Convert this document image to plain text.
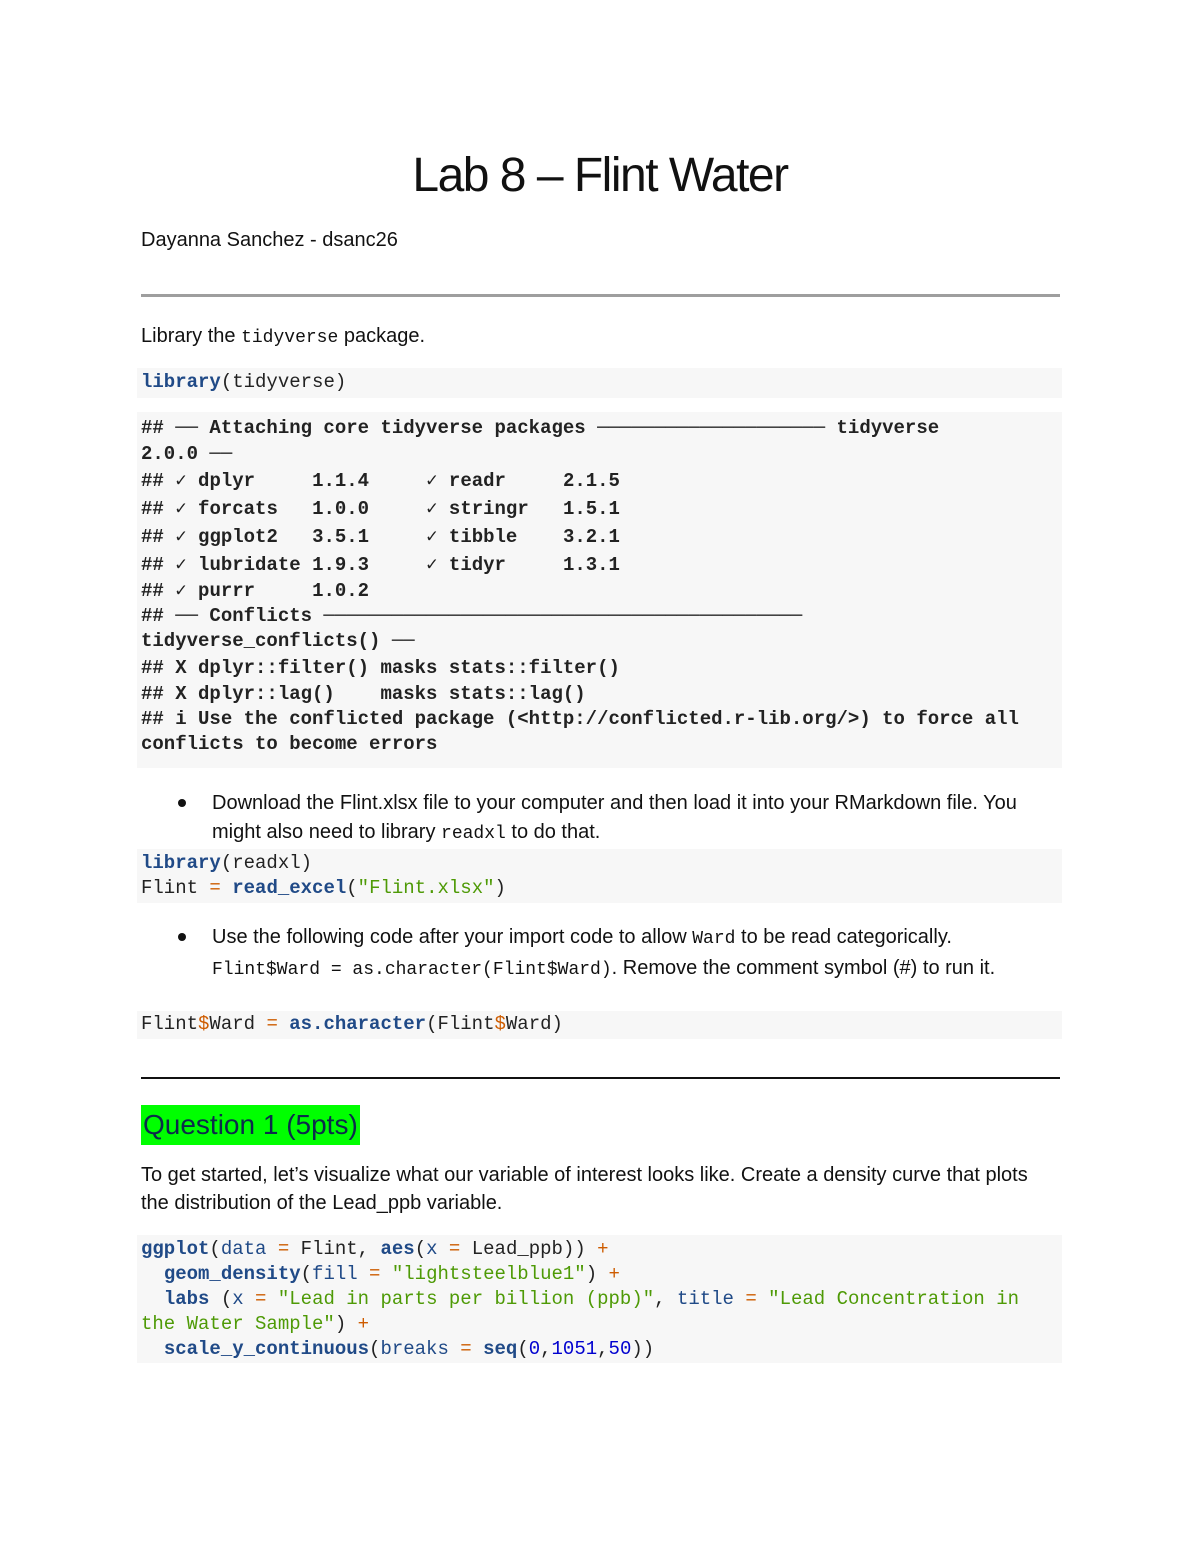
Lab 8 – Flint Water
Dayanna Sanchez - dsanc26
Library the tidyverse package.
library(tidyverse)
## ── Attaching core tidyverse packages ──────────────────── tidyverse
2.0.0 ──
## ✓ dplyr     1.1.4     ✓ readr     2.1.5
## ✓ forcats   1.0.0     ✓ stringr   1.5.1
## ✓ ggplot2   3.5.1     ✓ tibble    3.2.1
## ✓ lubridate 1.9.3     ✓ tidyr     1.3.1
## ✓ purrr     1.0.2
## ── Conflicts ──────────────────────────────────────────
tidyverse_conflicts() ──
## X dplyr::filter() masks stats::filter()
## X dplyr::lag()    masks stats::lag()
## i Use the conflicted package (<http://conflicted.r-lib.org/>) to force all
conflicts to become errors
Download the Flint.xlsx file to your computer and then load it into your RMarkdown file. You might also need to library readxl to do that.
library(readxl)
Flint = read_excel("Flint.xlsx")
Use the following code after your import code to allow Ward to be read categorically. Flint$Ward = as.character(Flint$Ward). Remove the comment symbol (#) to run it.
Flint$Ward = as.character(Flint$Ward)
Question 1 (5pts)
To get started, let’s visualize what our variable of interest looks like. Create a density curve that plots the distribution of the Lead_ppb variable.
ggplot(data = Flint, aes(x = Lead_ppb)) +
geom_density(fill = "lightsteelblue1") +
labs (x = "Lead in parts per billion (ppb)", title = "Lead Concentration in
the Water Sample") +
scale_y_continuous(breaks = seq(0,1051,50))
